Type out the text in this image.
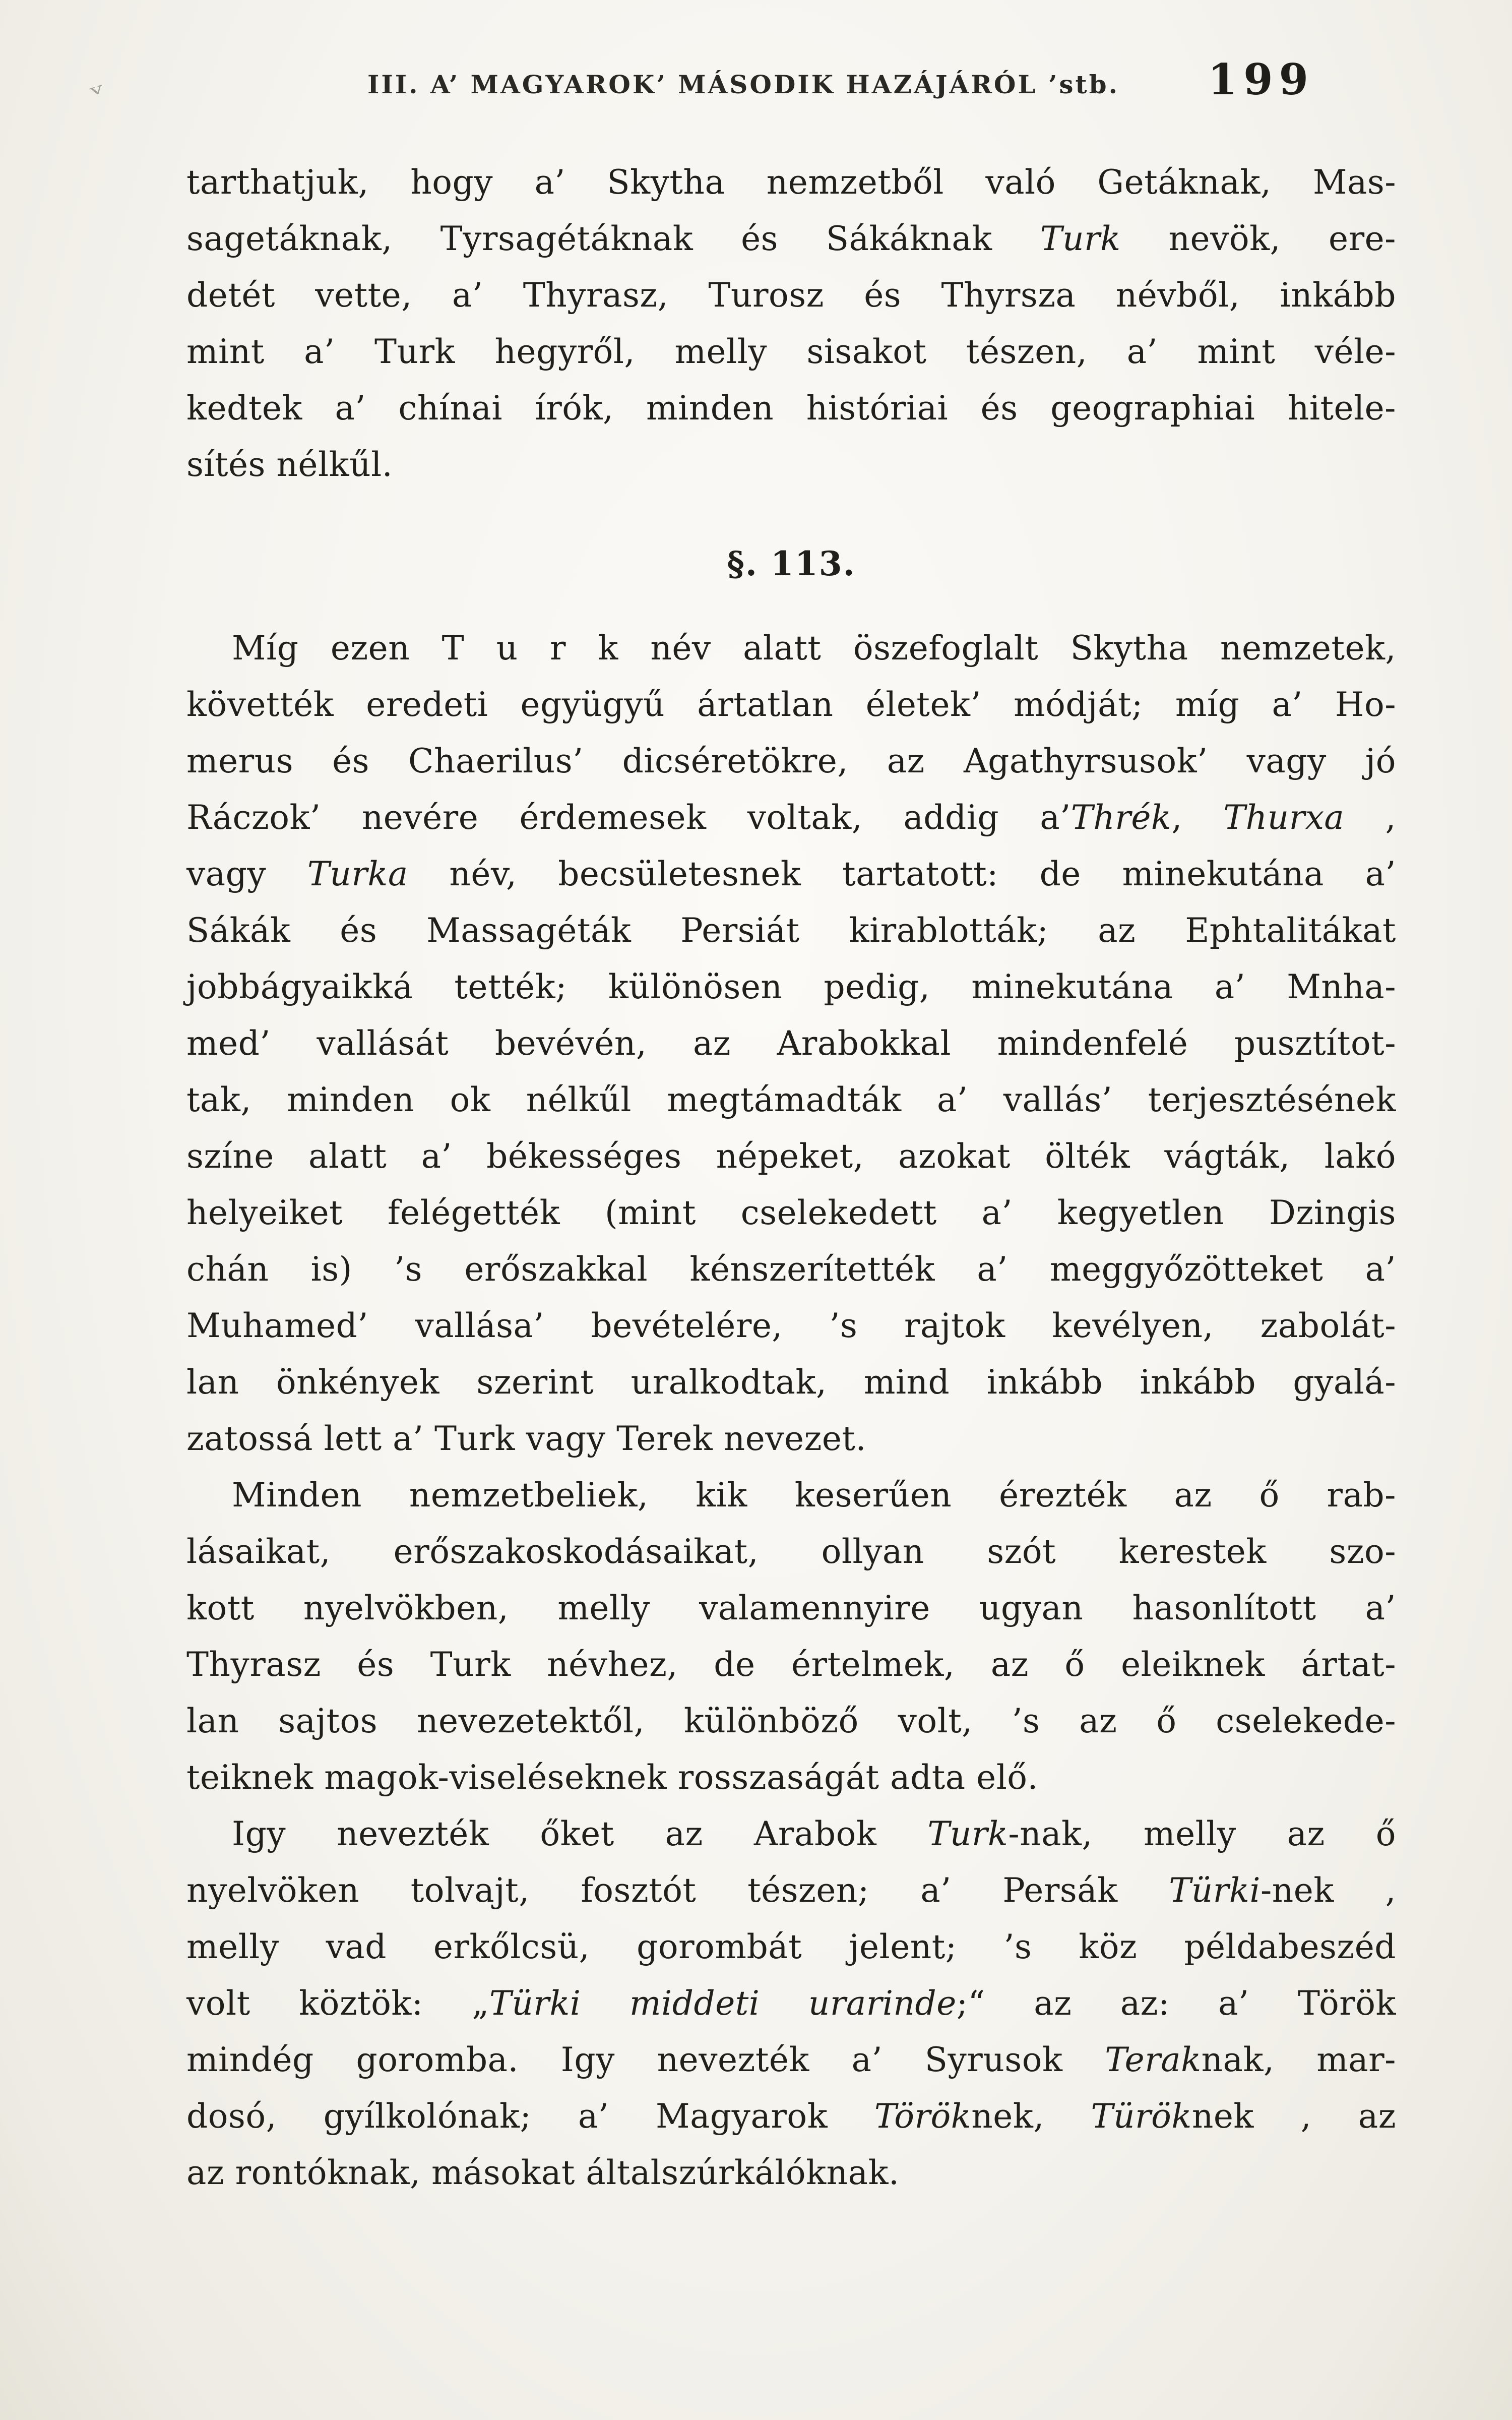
ᵥ	III. A’ MAGYAROK’ MÁSODIK HAZÁJÁRÓL ’stb.	199
tarthatjuk, hogy a’ Skytha nemzetből való Getáknak, Mas-
sagetáknak, Tyrsagétáknak és Sákáknak Turk nevök, ere-
detét vette, a’ Thyrasz, Turosz és Thyrsza névből, inkább
mint a’ Turk hegyről, melly sisakot tészen, a’ mint véle-
kedtek a’ chínai írók, minden históriai és geographiai hitele-
sítés nélkűl.
§. 113.
Míg ezen T u r k név alatt öszefoglalt Skytha nemzetek,
követték eredeti együgyű ártatlan életek’ módját; míg a’ Ho-
merus és Chaerilus’ dicséretökre, az Agathyrsusok’ vagy jó
Ráczok’ nevére érdemesek voltak, addig a’Thrék, Thurxa ,
vagy Turka név, becsületesnek tartatott: de minekutána a’
Sákák és Massagéták Persiát kirablották; az Ephtalitákat
jobbágyaikká tették; különösen pedig, minekutána a’ Mnha-
med’ vallását bevévén, az Arabokkal mindenfelé pusztítot-
tak, minden ok nélkűl megtámadták a’ vallás’ terjesztésének
színe alatt a’ békességes népeket, azokat ölték vágták, lakó
helyeiket felégették (mint cselekedett a’ kegyetlen Dzingis
chán is) ’s erőszakkal kénszerítették a’ meggyőzötteket a’
Muhamed’ vallása’ bevételére, ’s rajtok kevélyen, zabolát-
lan önkények szerint uralkodtak, mind inkább inkább gyalá-
zatossá lett a’ Turk vagy Terek nevezet.
Minden nemzetbeliek, kik keserűen érezték az ő rab-
lásaikat, erőszakoskodásaikat, ollyan szót kerestek szo-
kott nyelvökben, melly valamennyire ugyan hasonlított a’
Thyrasz és Turk névhez, de értelmek, az ő eleiknek ártat-
lan sajtos nevezetektől, különböző volt, ’s az ő cselekede-
teiknek magok-viseléseknek rosszaságát adta elő.
Igy nevezték őket az Arabok Turk-nak, melly az ő
nyelvöken tolvajt, fosztót tészen; a’ Persák Türki-nek ,
melly vad erkőlcsü, gorombát jelent; ’s köz példabeszéd
volt köztök: „Türki middeti urarinde;“ az az: a’ Török
mindég goromba. Igy nevezték a’ Syrusok Teraknak, mar-
dosó, gyílkolónak; a’ Magyarok Töröknek, Türöknek , az
az rontóknak, másokat általszúrkálóknak.
